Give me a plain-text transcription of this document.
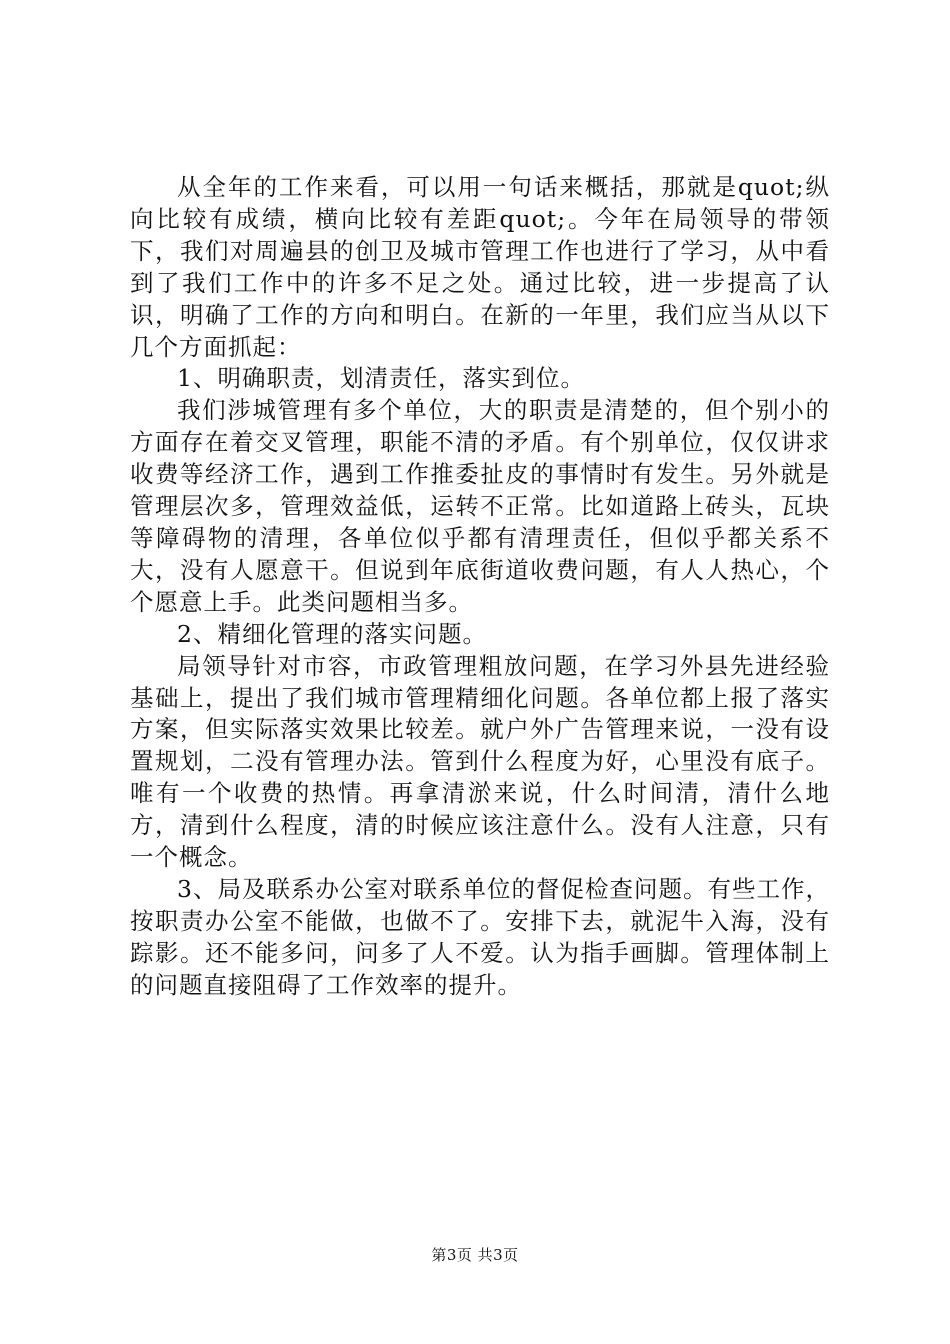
从全年的工作来看，可以用一句话来概括，那就是quot;纵向比较有成绩，横向比较有差距quot;。今年在局领导的带领下，我们对周遍县的创卫及城市管理工作也进行了学习，从中看到了我们工作中的许多不足之处。通过比较，进一步提高了认识，明确了工作的方向和明白。在新的一年里，我们应当从以下几个方面抓起：

1、明确职责，划清责任，落实到位。

我们涉城管理有多个单位，大的职责是清楚的，但个别小的方面存在着交叉管理，职能不清的矛盾。有个别单位，仅仅讲求收费等经济工作，遇到工作推委扯皮的事情时有发生。另外就是管理层次多，管理效益低，运转不正常。比如道路上砖头，瓦块等障碍物的清理，各单位似乎都有清理责任，但似乎都关系不大，没有人愿意干。但说到年底街道收费问题，有人人热心，个个愿意上手。此类问题相当多。

2、精细化管理的落实问题。

局领导针对市容，市政管理粗放问题，在学习外县先进经验基础上，提出了我们城市管理精细化问题。各单位都上报了落实方案，但实际落实效果比较差。就户外广告管理来说，一没有设置规划，二没有管理办法。管到什么程度为好，心里没有底子。唯有一个收费的热情。再拿清淤来说，什么时间清，清什么地方，清到什么程度，清的时候应该注意什么。没有人注意，只有一个概念。

3、局及联系办公室对联系单位的督促检查问题。有些工作，按职责办公室不能做，也做不了。安排下去，就泥牛入海，没有踪影。还不能多问，问多了人不爱。认为指手画脚。管理体制上的问题直接阻碍了工作效率的提升。

第3页 共3页
